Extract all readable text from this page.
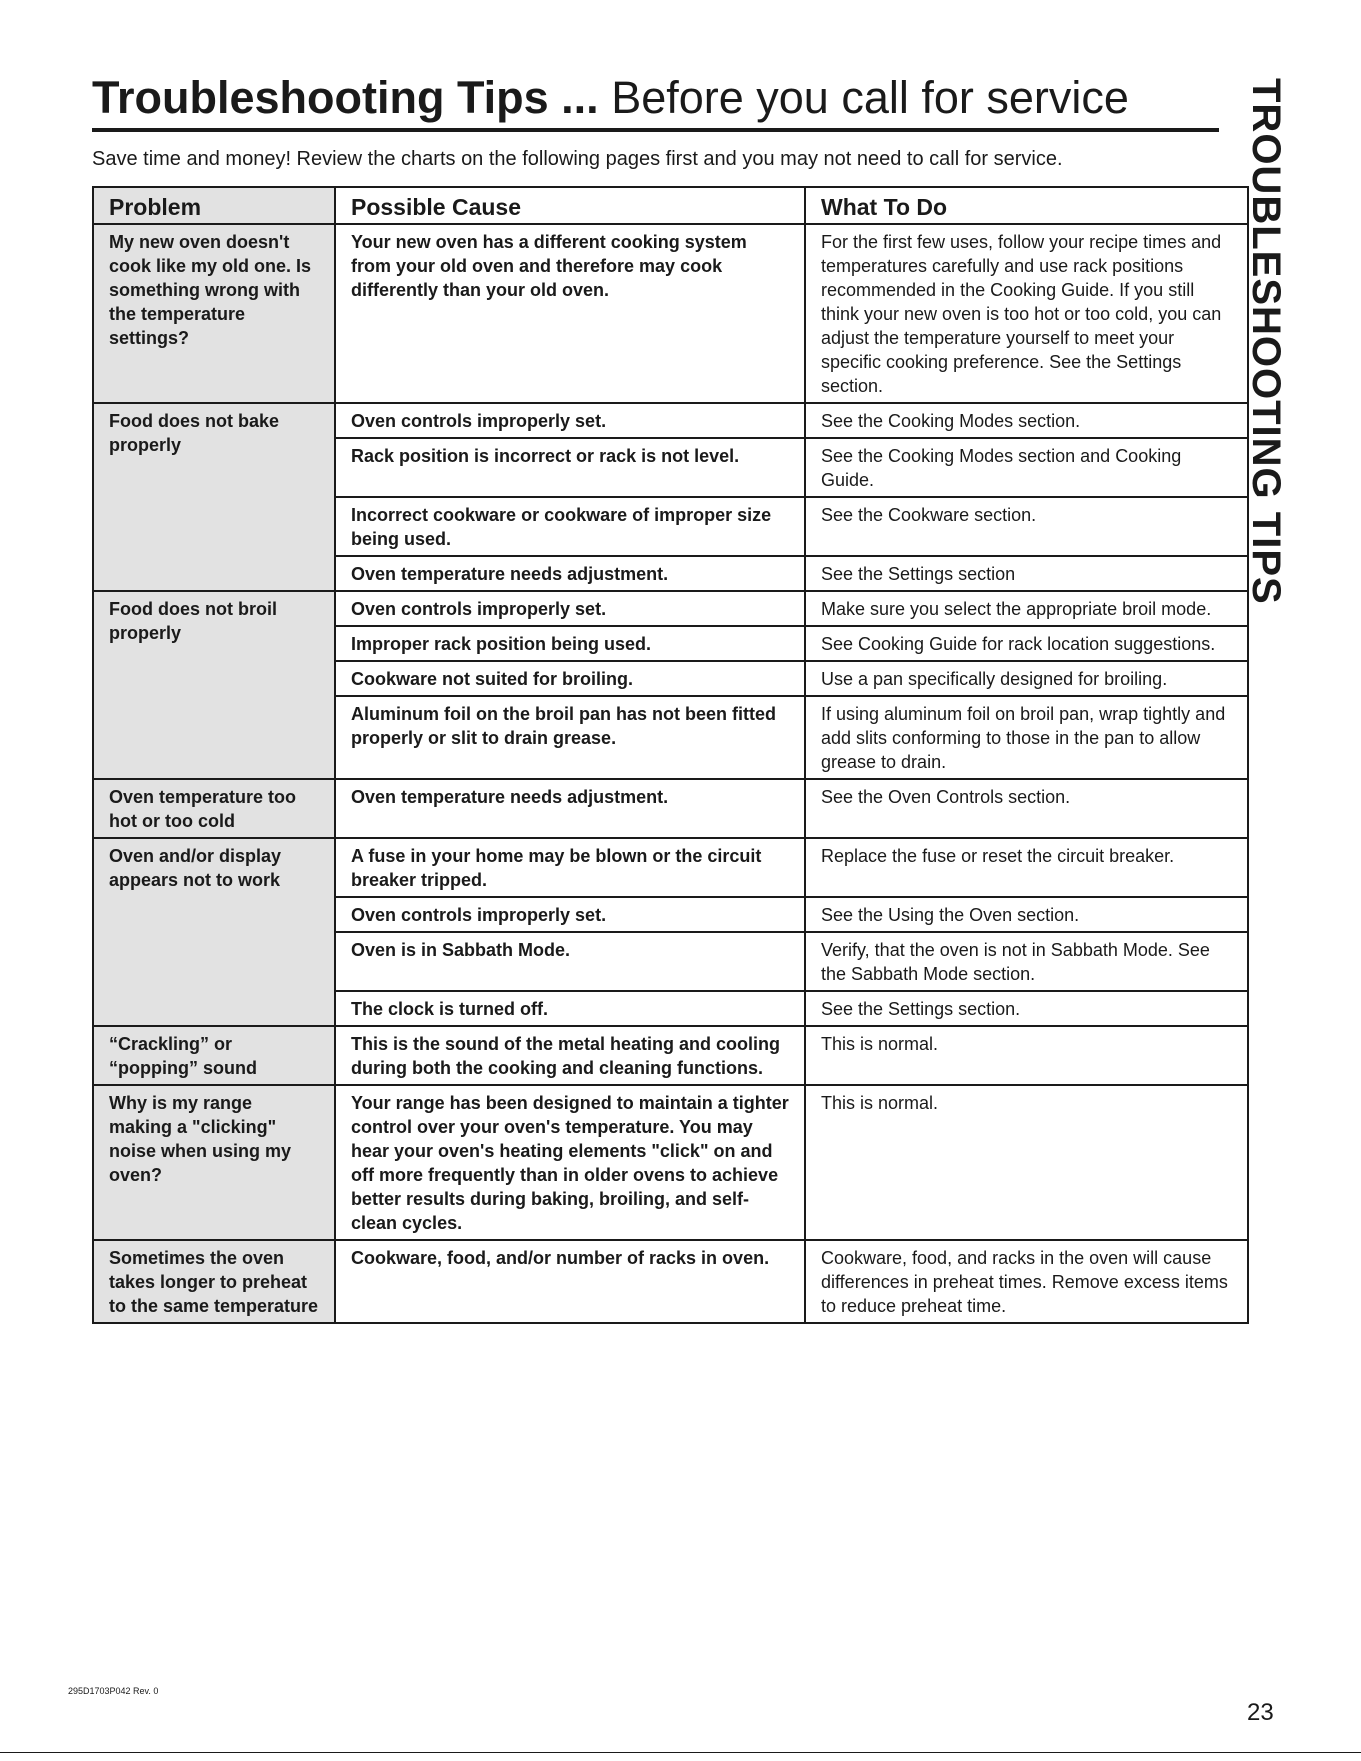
Troubleshooting Tips ... Before you call for service
Save time and money! Review the charts on the following pages first and you may not need to call for service.	TROUBLESHOOTING TIPS
Problem	Possible Cause	What To Do
My new oven doesn't cook like my old one. Is something wrong with the temperature settings?	Your new oven has a different cooking system from your old oven and therefore may cook differently than your old oven.	For the first few uses, follow your recipe times and temperatures carefully and use rack positions recommended in the Cooking Guide. If you still think your new oven is too hot or too cold, you can adjust the temperature yourself to meet your specific cooking preference. See the Settings section.
Food does not bake properly	Oven controls improperly set.	See the Cooking Modes section.
	Rack position is incorrect or rack is not level.	See the Cooking Modes section and Cooking Guide.
	Incorrect cookware or cookware of improper size being used.	See the Cookware section.
	Oven temperature needs adjustment.	See the Settings section
Food does not broil properly	Oven controls improperly set.	Make sure you select the appropriate broil mode.
	Improper rack position being used.	See Cooking Guide for rack location suggestions.
	Cookware not suited for broiling.	Use a pan specifically designed for broiling.
	Aluminum foil on the broil pan has not been fitted properly or slit to drain grease.	If using aluminum foil on broil pan, wrap tightly and add slits conforming to those in the pan to allow grease to drain.
Oven temperature too hot or too cold	Oven temperature needs adjustment.	See the Oven Controls section.
Oven and/or display appears not to work	A fuse in your home may be blown or the circuit breaker tripped.	Replace the fuse or reset the circuit breaker.
	Oven controls improperly set.	See the Using the Oven section.
	Oven is in Sabbath Mode.	Verify, that the oven is not in Sabbath Mode. See the Sabbath Mode section.
	The clock is turned off.	See the Settings section.
“Crackling” or “popping” sound	This is the sound of the metal heating and cooling during both the cooking and cleaning functions.	This is normal.
Why is my range making a "clicking" noise when using my oven?	Your range has been designed to maintain a tighter control over your oven's temperature. You may hear your oven's heating elements "click" on and off more frequently than in older ovens to achieve better results during baking, broiling, and self-clean cycles.	This is normal.
Sometimes the oven takes longer to preheat to the same temperature	Cookware, food, and/or number of racks in oven.	Cookware, food, and racks in the oven will cause differences in preheat times. Remove excess items to reduce preheat time.
295D1703P042 Rev. 0
23
